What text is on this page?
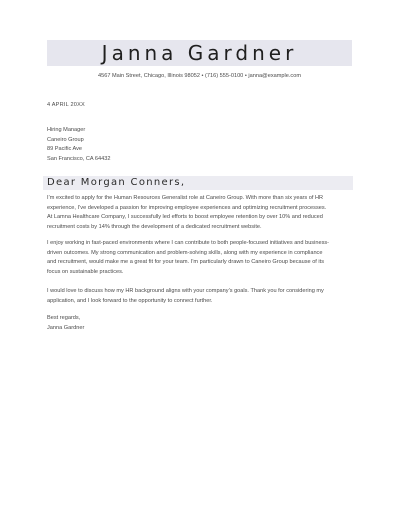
Janna Gardner
4567 Main Street, Chicago, Illinois 98052 • (716) 555-0100 • janna@example.com
4 APRIL 20XX
Hiring Manager
Caneiro Group
89 Pacific Ave
San Francisco, CA 64432
Dear Morgan Conners,
I’m excited to apply for the Human Resources Generalist role at Caneiro Group. With more than six years of HR
experience, I’ve developed a passion for improving employee experiences and optimizing recruitment processes.
At Lamna Healthcare Company, I successfully led efforts to boost employee retention by over 10% and reduced
recruitment costs by 14% through the development of a dedicated recruitment website.
I enjoy working in fast-paced environments where I can contribute to both people-focused initiatives and business-
driven outcomes. My strong communication and problem-solving skills, along with my experience in compliance
and recruitment, would make me a great fit for your team. I’m particularly drawn to Caneiro Group because of its
focus on sustainable practices.
I would love to discuss how my HR background aligns with your company’s goals. Thank you for considering my
application, and I look forward to the opportunity to connect further.
Best regards,
Janna Gardner
